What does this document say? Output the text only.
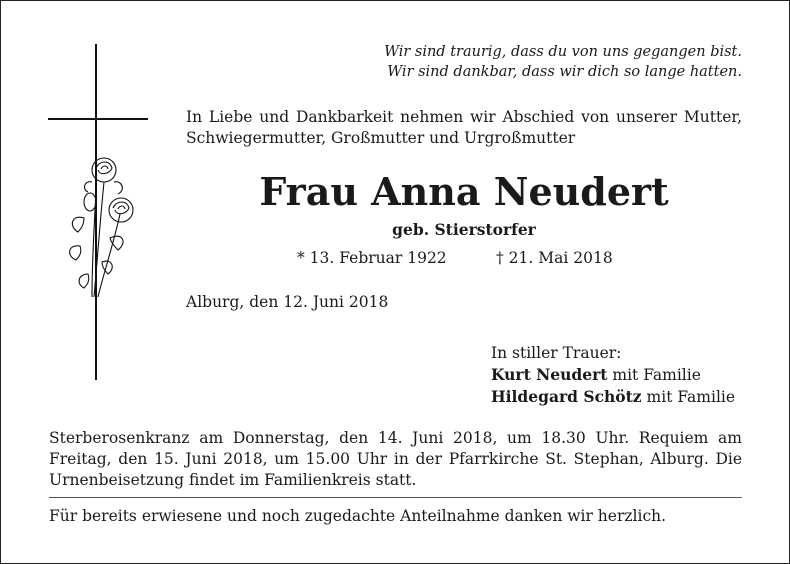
Wir sind traurig, dass du von uns gegangen bist.
Wir sind dankbar, dass wir dich so lange hatten.
In Liebe und Dankbarkeit nehmen wir Abschied von unserer Mutter, Schwiegermutter, Großmutter und Urgroßmutter
Frau Anna Neudert
geb. Stierstorfer
* 13. Februar 1922	† 21. Mai 2018
Alburg, den 12. Juni 2018
In stiller Trauer:
Kurt Neudert mit Familie
Hildegard Schötz mit Familie
Sterberosenkranz am Donnerstag, den 14. Juni 2018, um 18.30 Uhr. Requiem am Freitag, den 15. Juni 2018, um 15.00 Uhr in der Pfarrkirche St. Stephan, Alburg. Die Urnenbeisetzung findet im Familienkreis statt.
Für bereits erwiesene und noch zugedachte Anteilnahme danken wir herzlich.
